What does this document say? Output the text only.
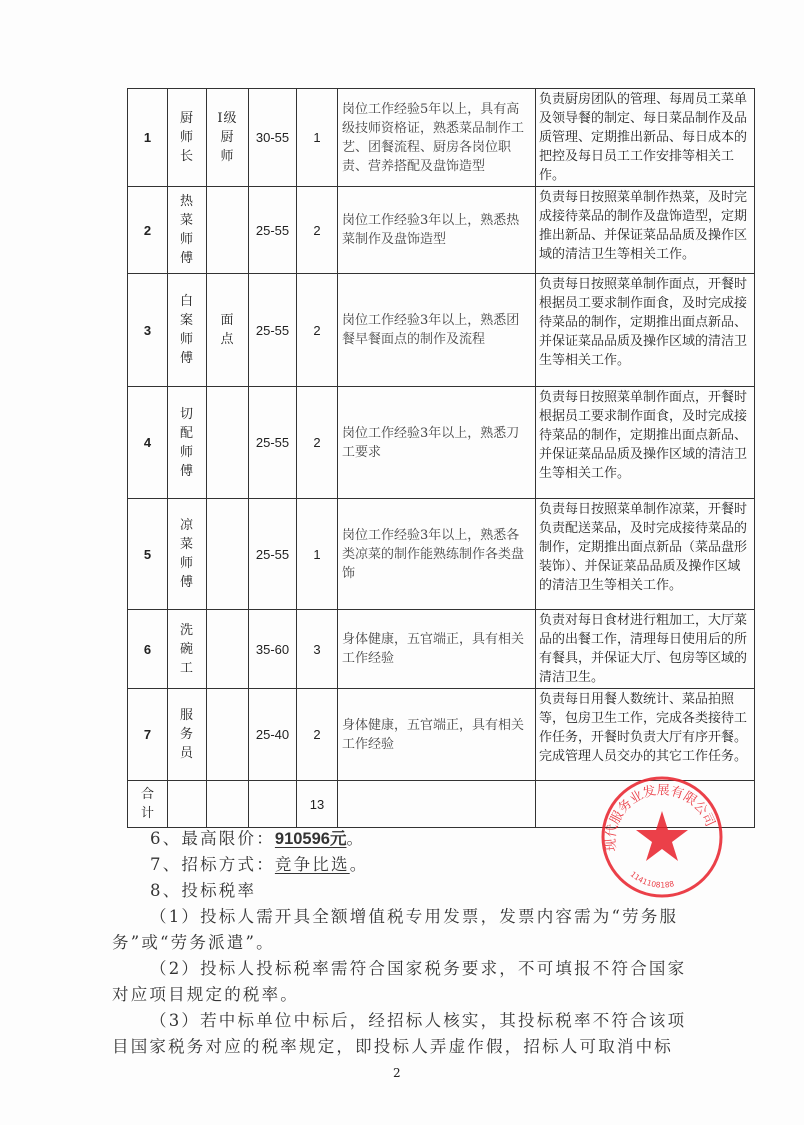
1	厨师长	Ⅰ级厨师	30-55	1	岗位工作经验5年以上，具有高级技师资格证，熟悉菜品制作工艺、团餐流程、厨房各岗位职责、营养搭配及盘饰造型	负责厨房团队的管理、每周员工菜单及领导餐的制定、每日菜品制作及品质管理、定期推出新品、每日成本的把控及每日员工工作安排等相关工作。
2	热菜师傅		25-55	2	岗位工作经验3年以上，熟悉热菜制作及盘饰造型	负责每日按照菜单制作热菜，及时完成接待菜品的制作及盘饰造型，定期推出新品、并保证菜品品质及操作区域的清洁卫生等相关工作。
3	白案师傅	面点	25-55	2	岗位工作经验3年以上，熟悉团餐早餐面点的制作及流程	负责每日按照菜单制作面点，开餐时根据员工要求制作面食，及时完成接待菜品的制作，定期推出面点新品、并保证菜品品质及操作区域的清洁卫生等相关工作。
4	切配师傅		25-55	2	岗位工作经验3年以上，熟悉刀工要求	负责每日按照菜单制作面点，开餐时根据员工要求制作面食，及时完成接待菜品的制作，定期推出面点新品、并保证菜品品质及操作区域的清洁卫生等相关工作。
5	凉菜师傅		25-55	1	岗位工作经验3年以上，熟悉各类凉菜的制作能熟练制作各类盘饰	负责每日按照菜单制作凉菜，开餐时负责配送菜品，及时完成接待菜品的制作，定期推出面点新品（菜品盘形装饰）、并保证菜品品质及操作区域的清洁卫生等相关工作。
6	洗碗工		35-60	3	身体健康，五官端正，具有相关工作经验	负责对每日食材进行粗加工，大厅菜品的出餐工作，清理每日使用后的所有餐具，并保证大厅、包房等区域的清洁卫生。
7	服务员		25-40	2	身体健康，五官端正，具有相关工作经验	负责每日用餐人数统计、菜品拍照等，包房卫生工作，完成各类接待工作任务，开餐时负责大厅有序开餐。完成管理人员交办的其它工作任务。
合计				13		
6、最高限价：910596元。
7、招标方式：竞争比选。
8、投标税率
（1）投标人需开具全额增值税专用发票，发票内容需为“劳务服
务”或“劳务派遣”。
（2）投标人投标税率需符合国家税务要求，不可填报不符合国家
对应项目规定的税率。
（3）若中标单位中标后，经招标人核实，其投标税率不符合该项
目国家税务对应的税率规定，即投标人弄虚作假，招标人可取消中标
2
现代服务业发展有限公司
1141108188
